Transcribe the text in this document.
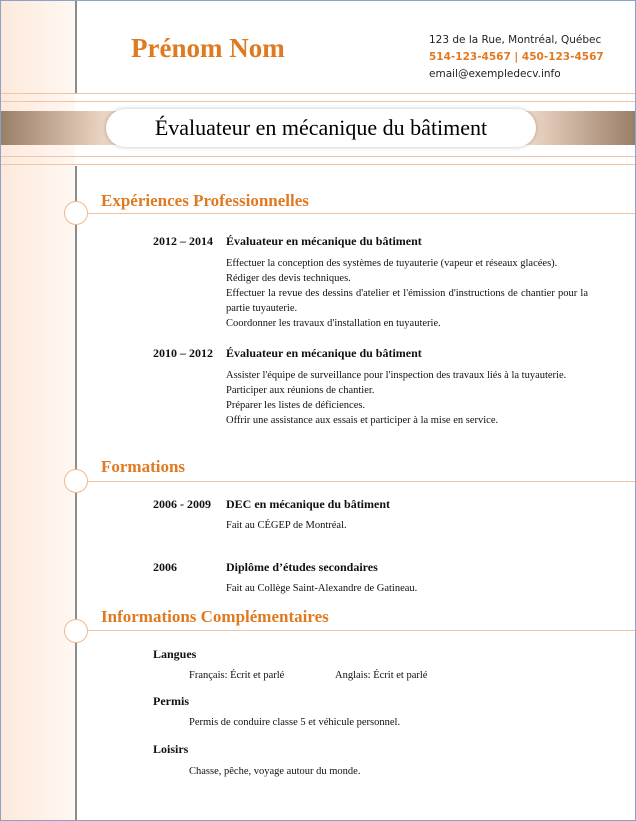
Prénom Nom	123 de la Rue, Montréal, Québec
514-123-4567 | 450-123-4567
email@exempledecv.info
Évaluateur en mécanique du bâtiment
Expériences Professionnelles
2012 – 2014 Évaluateur en mécanique du bâtiment
Effectuer la conception des systèmes de tuyauterie (vapeur et réseaux glacées).
Rédiger des devis techniques.
Effectuer la revue des dessins d'atelier et l'émission d'instructions de chantier pour la partie tuyauterie.
Coordonner les travaux d'installation en tuyauterie.
2010 – 2012 Évaluateur en mécanique du bâtiment
Assister l'équipe de surveillance pour l'inspection des travaux liés à la tuyauterie.
Participer aux réunions de chantier.
Préparer les listes de déficiences.
Offrir une assistance aux essais et participer à la mise en service.
Formations
2006 - 2009 DEC en mécanique du bâtiment
Fait au CÉGEP de Montréal.
2006	Diplôme d’études secondaires
Fait au Collège Saint-Alexandre de Gatineau.
Informations Complémentaires
Langues
Français: Écrit et parlé	Anglais: Écrit et parlé
Permis
Permis de conduire classe 5 et véhicule personnel.
Loisirs
Chasse, pêche, voyage autour du monde.
